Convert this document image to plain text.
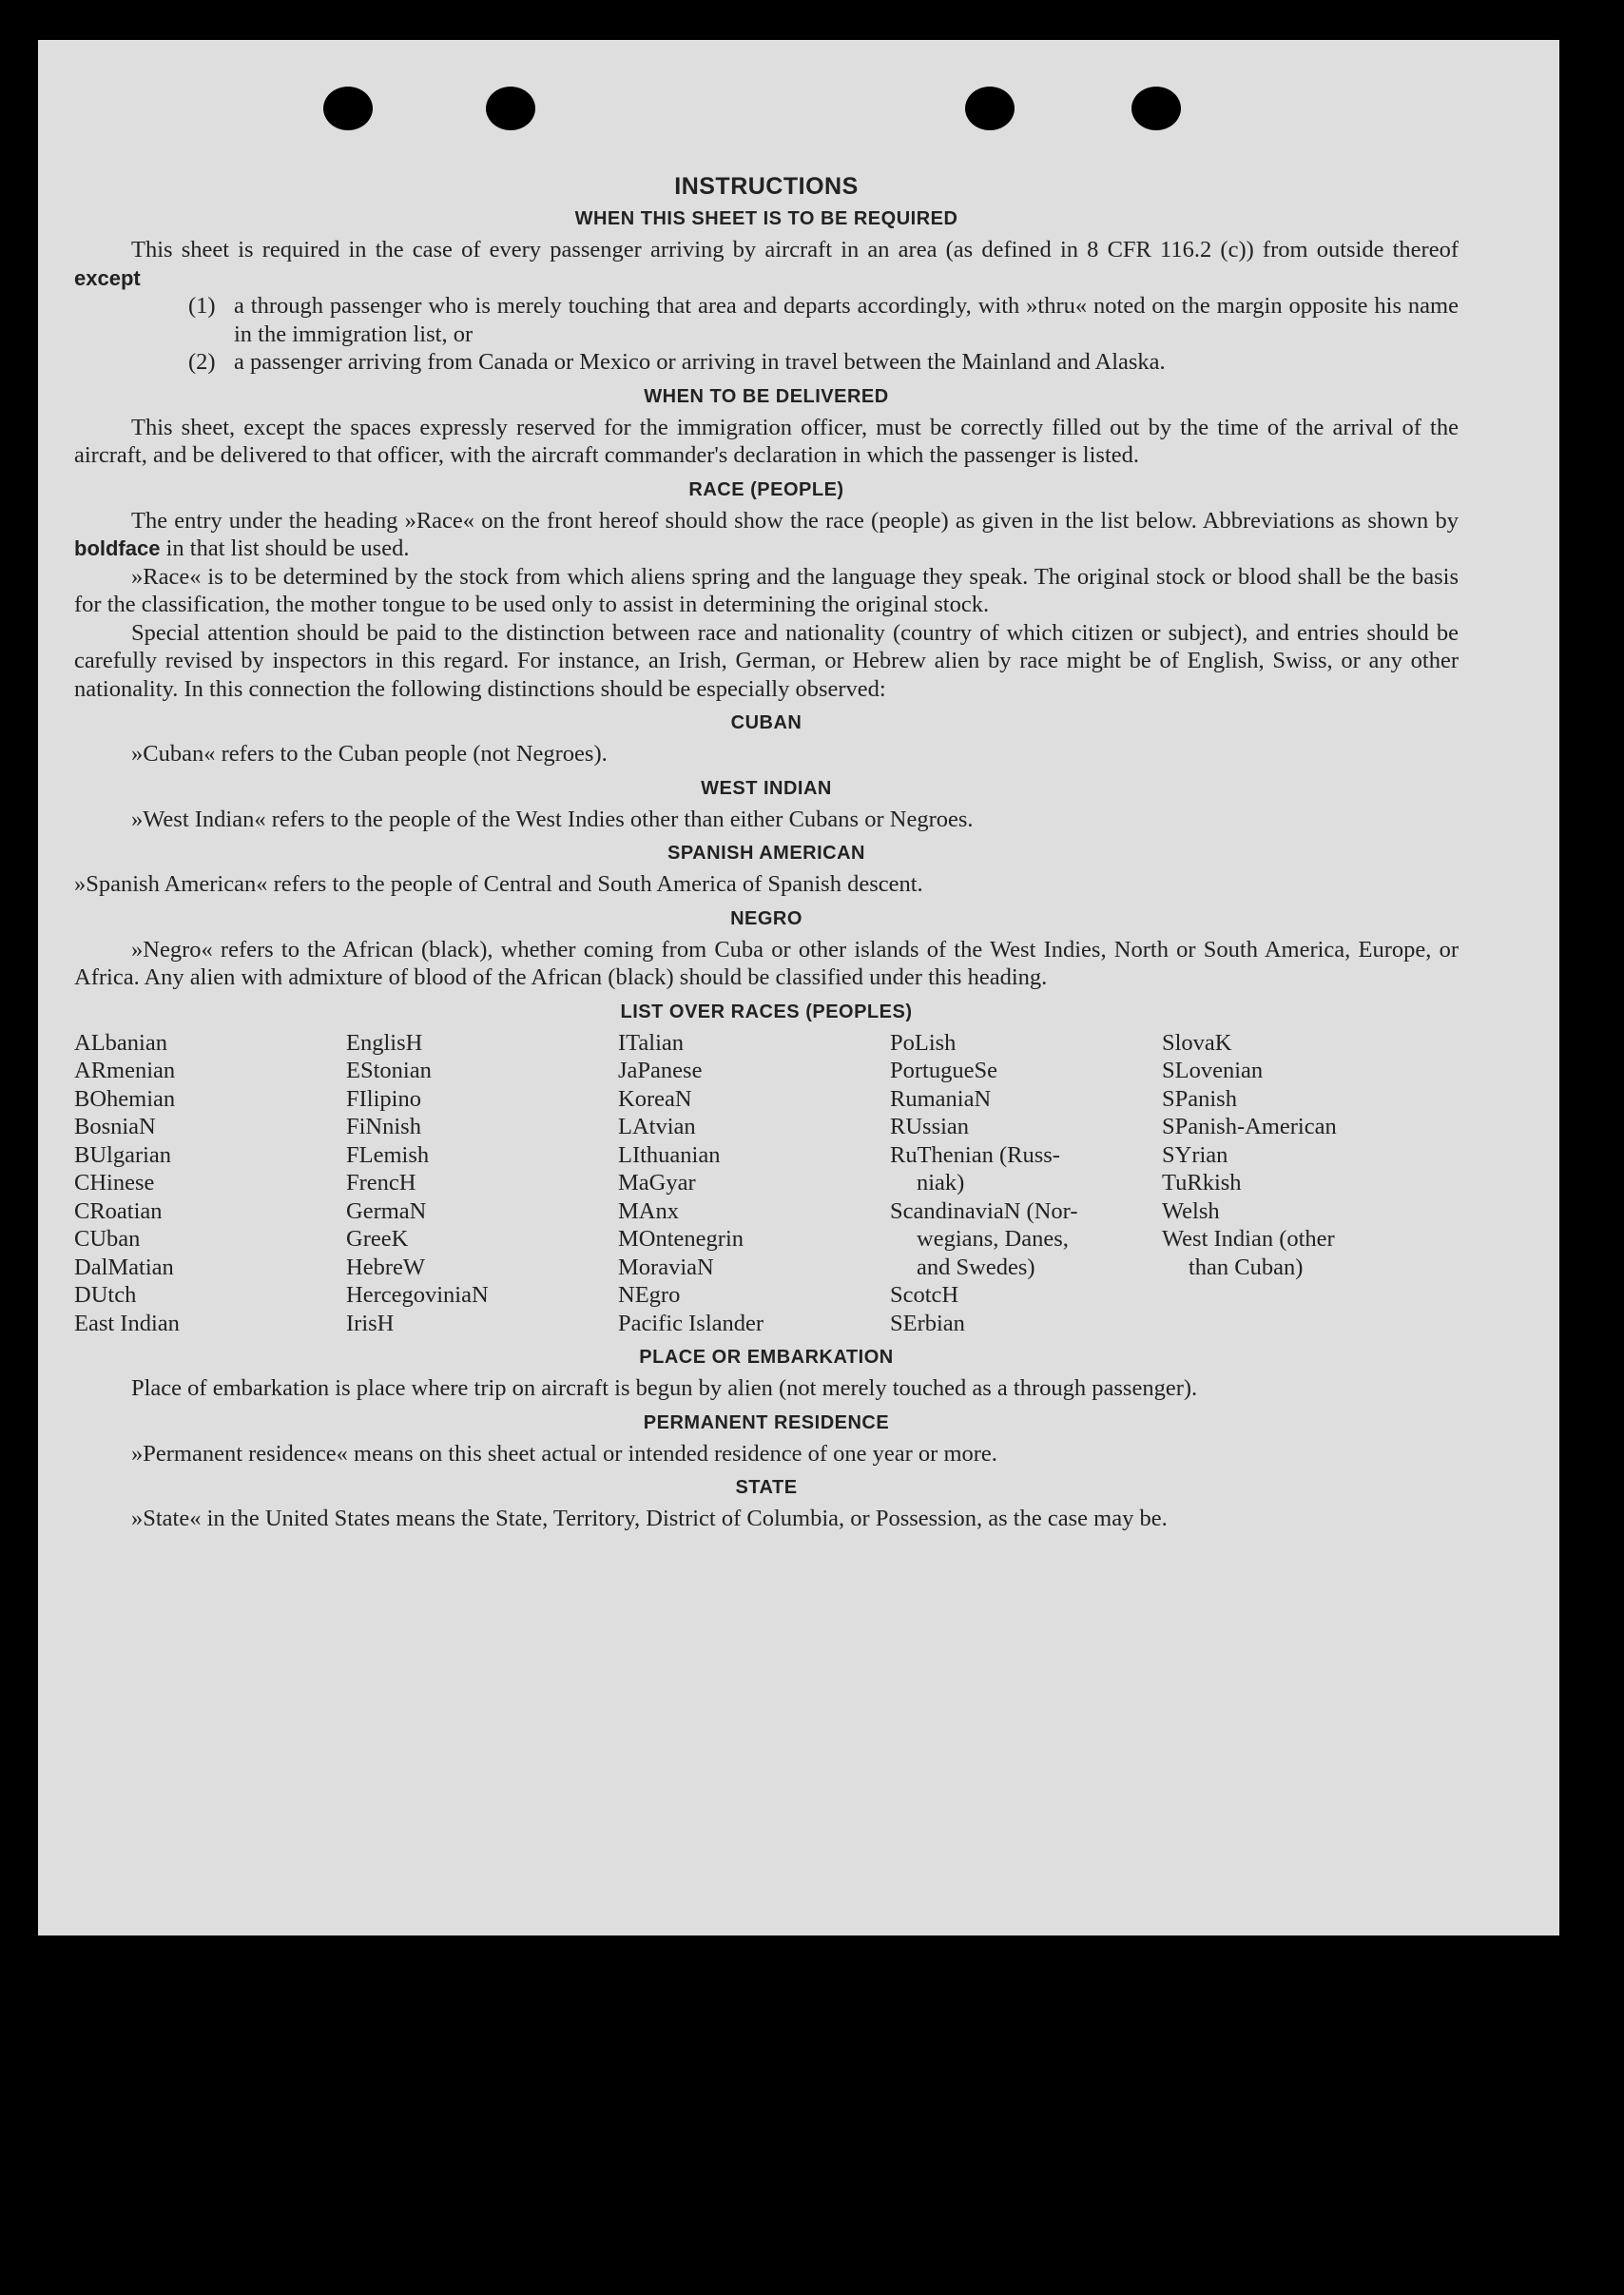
INSTRUCTIONS
WHEN THIS SHEET IS TO BE REQUIRED

This sheet is required in the case of every passenger arriving by aircraft in an area (as defined in 8 CFR 116.2 (c)) from outside thereof except

(1) a through passenger who is merely touching that area and departs accordingly, with »thru« noted on the margin opposite his name in the immigration list, or

(2) a passenger arriving from Canada or Mexico or arriving in travel between the Mainland and Alaska.

WHEN TO BE DELIVERED

This sheet, except the spaces expressly reserved for the immigration officer, must be correctly filled out by the time of the arrival of the aircraft, and be delivered to that officer, with the aircraft commander's declaration in which the passenger is listed.

RACE (PEOPLE)

The entry under the heading »Race« on the front hereof should show the race (people) as given in the list below. Abbreviations as shown by boldface in that list should be used.

»Race« is to be determined by the stock from which aliens spring and the language they speak. The original stock or blood shall be the basis for the classification, the mother tongue to be used only to assist in determining the original stock.

Special attention should be paid to the distinction between race and nationality (country of which citizen or subject), and entries should be carefully revised by inspectors in this regard. For instance, an Irish, German, or Hebrew alien by race might be of English, Swiss, or any other nationality. In this connection the following distinctions should be especially observed:

CUBAN

»Cuban« refers to the Cuban people (not Negroes).

WEST INDIAN

»West Indian« refers to the people of the West Indies other than either Cubans or Negroes.

SPANISH AMERICAN

»Spanish American« refers to the people of Central and South America of Spanish descent.

NEGRO

»Negro« refers to the African (black), whether coming from Cuba or other islands of the West Indies, North or South America, Europe, or Africa. Any alien with admixture of blood of the African (black) should be classified under this heading.

LIST OVER RACES (PEOPLES)
ALbanian
ARmenian
BOhemian
BosniaN
BUlgarian
CHinese
CRoatian
CUban
DalMatian
DUtch
East Indian
EnglisH
EStonian
FIlipino
FiNnish
FLemish
FrencH
GermaN
GreeK
HebreW
HercegoviniaN
IrisH
ITalian
JaPanese
KoreaN
LAtvian
LIthuanian
MaGyar
MAnx
MOntenegrin
MoraviaN
NEgro
Pacific Islander
PoLish
PortugueSe
RumaniaN
RUssian
RuThenian (Russ-
niak)
ScandinaviaN (Nor-
wegians, Danes,
and Swedes)
ScotcH
SErbian
SlovaK
SLovenian
SPanish
SPanish-American
SYrian
TuRkish
Welsh
West Indian (other
than Cuban)
PLACE OR EMBARKATION

Place of embarkation is place where trip on aircraft is begun by alien (not merely touched as a through passenger).

PERMANENT RESIDENCE

»Permanent residence« means on this sheet actual or intended residence of one year or more.

STATE

»State« in the United States means the State, Territory, District of Columbia, or Possession, as the case may be.
